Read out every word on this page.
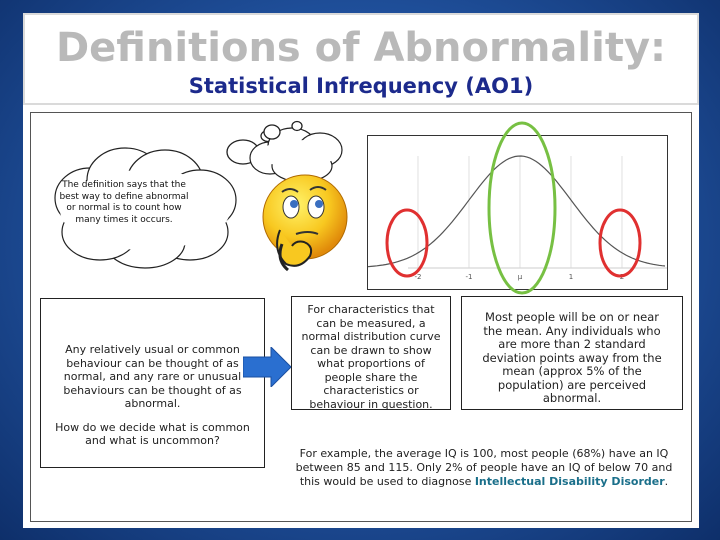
Definitions of Abnormality:
Statistical Infrequency (AO1)
The definition says that the best way to define abnormal or normal is to count how many times it occurs.
-2	-1	μ	1	2

Any relatively usual or common behaviour can be thought of as normal, and any rare or unusual behaviours can be thought of as abnormal.

How do we decide what is common and what is uncommon?

For characteristics that can be measured, a normal distribution curve can be drawn to show what proportions of people share the characteristics or behaviour in question.
Most people will be on or near the mean. Any individuals who are more than 2 standard deviation points away from the mean (approx 5% of the population) are perceived abnormal.
For example, the average IQ is 100, most people (68%) have an IQ between 85 and 115. Only 2% of people have an IQ of below 70 and this would be used to diagnose Intellectual Disability Disorder.
